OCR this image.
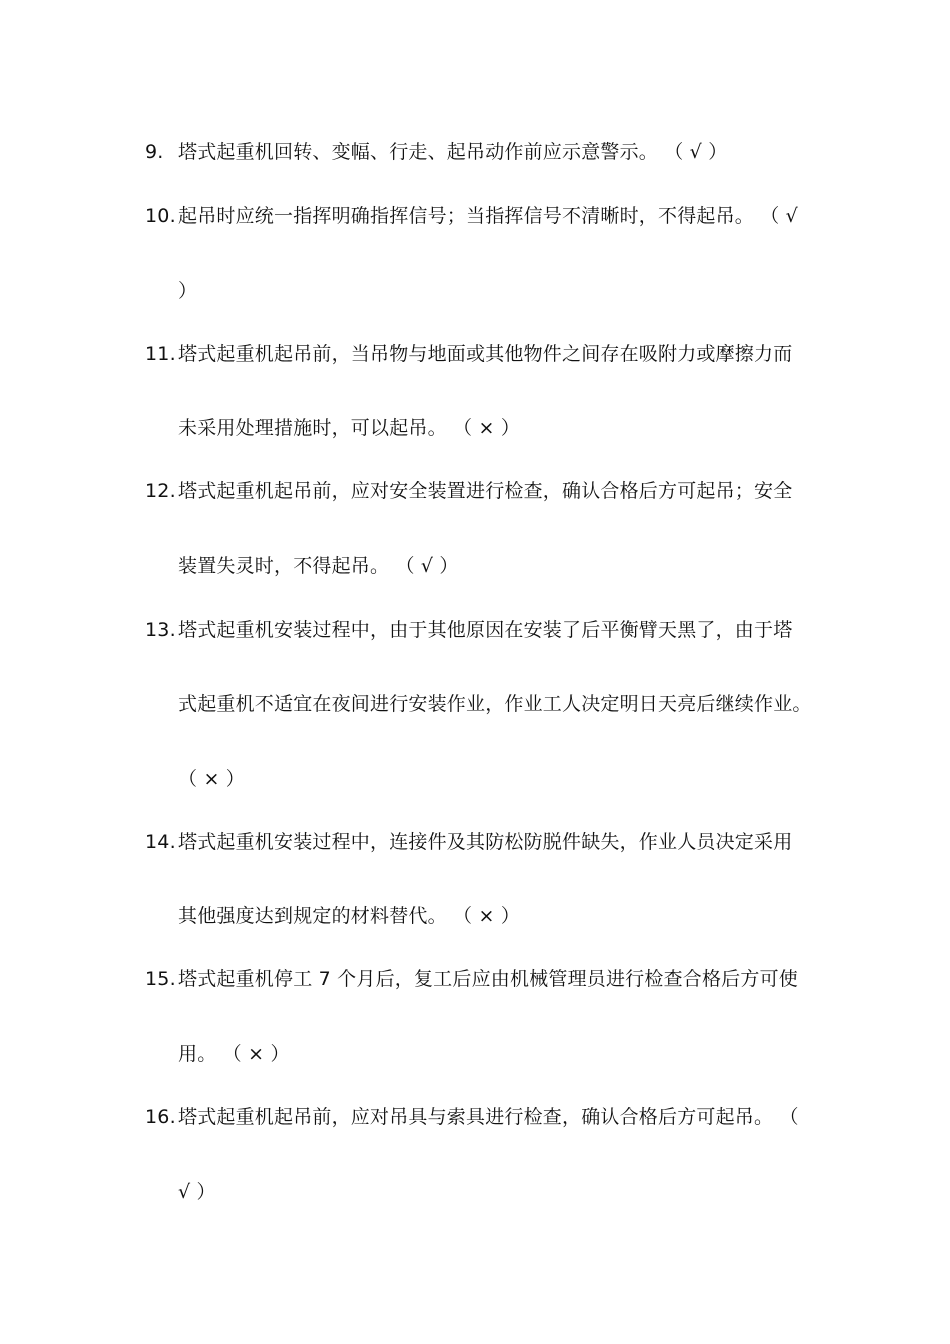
9. 塔式起重机回转、变幅、行走、起吊动作前应示意警示。 （ √ ）
10. 起吊时应统一指挥明确指挥信号；当指挥信号不清晰时，不得起吊。 （ √
）
11. 塔式起重机起吊前，当吊物与地面或其他物件之间存在吸附力或摩擦力而
未采用处理措施时，可以起吊。 （ × ）
12. 塔式起重机起吊前，应对安全装置进行检查，确认合格后方可起吊；安全
装置失灵时，不得起吊。 （ √ ）
13. 塔式起重机安装过程中，由于其他原因在安装了后平衡臂天黑了，由于塔
式起重机不适宜在夜间进行安装作业，作业工人决定明日天亮后继续作业。
（ × ）
14. 塔式起重机安装过程中，连接件及其防松防脱件缺失，作业人员决定采用
其他强度达到规定的材料替代。 （ × ）
15. 塔式起重机停工 7 个月后，复工后应由机械管理员进行检查合格后方可使
用。 （ × ）
16. 塔式起重机起吊前，应对吊具与索具进行检查，确认合格后方可起吊。 （
√ ）
